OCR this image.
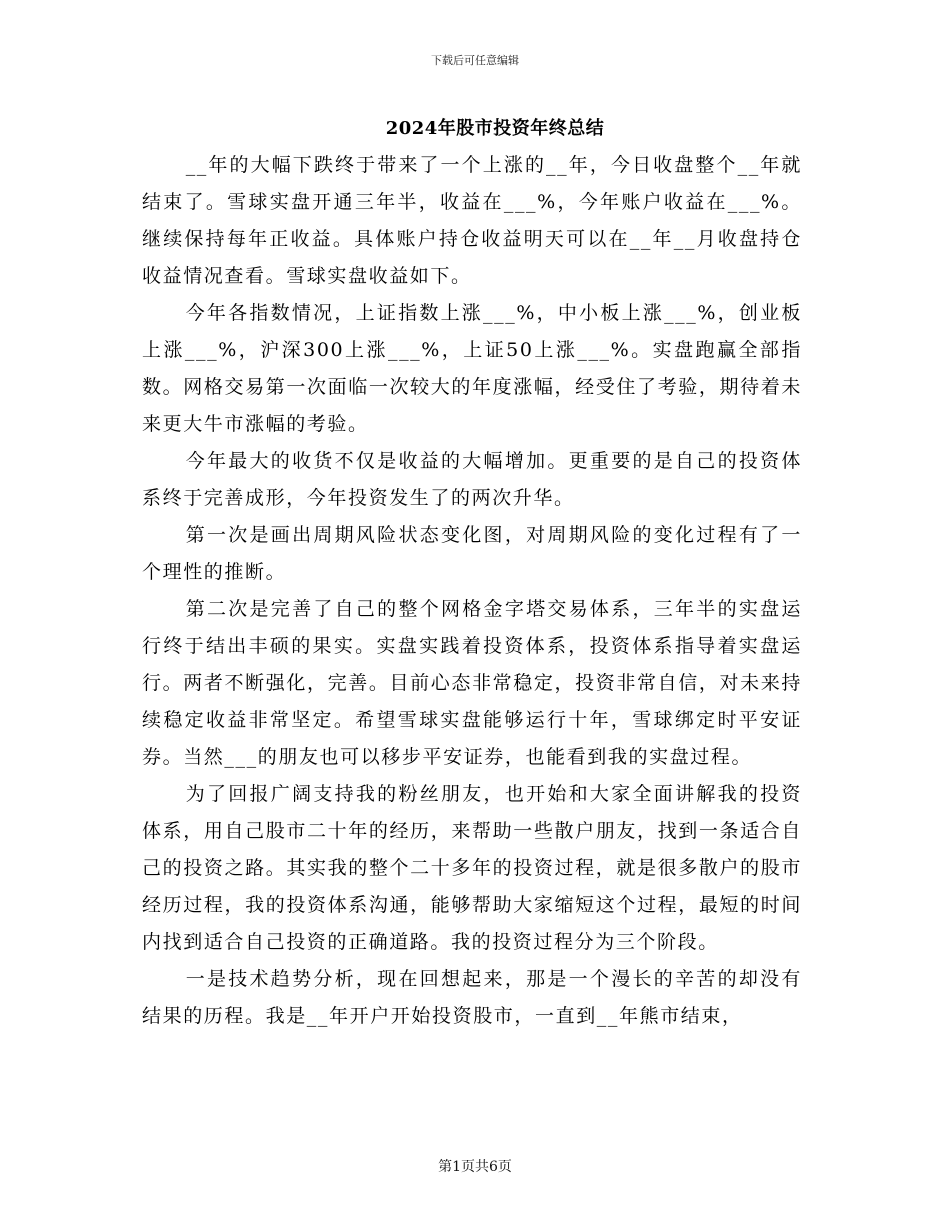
下载后可任意编辑
2024年股市投资年终总结

__年的大幅下跌终于带来了一个上涨的__年，今日收盘整个__年就结束了。雪球实盘开通三年半，收益在___%，今年账户收益在___%。继续保持每年正收益。具体账户持仓收益明天可以在__年__月收盘持仓收益情况查看。雪球实盘收益如下。

今年各指数情况，上证指数上涨___%，中小板上涨___%，创业板上涨___%，沪深300上涨___%，上证50上涨___%。实盘跑赢全部指数。网格交易第一次面临一次较大的年度涨幅，经受住了考验，期待着未来更大牛市涨幅的考验。

今年最大的收货不仅是收益的大幅增加。更重要的是自己的投资体系终于完善成形，今年投资发生了的两次升华。

第一次是画出周期风险状态变化图，对周期风险的变化过程有了一个理性的推断。

第二次是完善了自己的整个网格金字塔交易体系，三年半的实盘运行终于结出丰硕的果实。实盘实践着投资体系，投资体系指导着实盘运行。两者不断强化，完善。目前心态非常稳定，投资非常自信，对未来持续稳定收益非常坚定。希望雪球实盘能够运行十年，雪球绑定时平安证券。当然___的朋友也可以移步平安证券，也能看到我的实盘过程。

为了回报广阔支持我的粉丝朋友，也开始和大家全面讲解我的投资体系，用自己股市二十年的经历，来帮助一些散户朋友，找到一条适合自己的投资之路。其实我的整个二十多年的投资过程，就是很多散户的股市经历过程，我的投资体系沟通，能够帮助大家缩短这个过程，最短的时间内找到适合自己投资的正确道路。我的投资过程分为三个阶段。

一是技术趋势分析，现在回想起来，那是一个漫长的辛苦的却没有结果的历程。我是__年开户开始投资股市，一直到__年熊市结束，

第1页共6页
